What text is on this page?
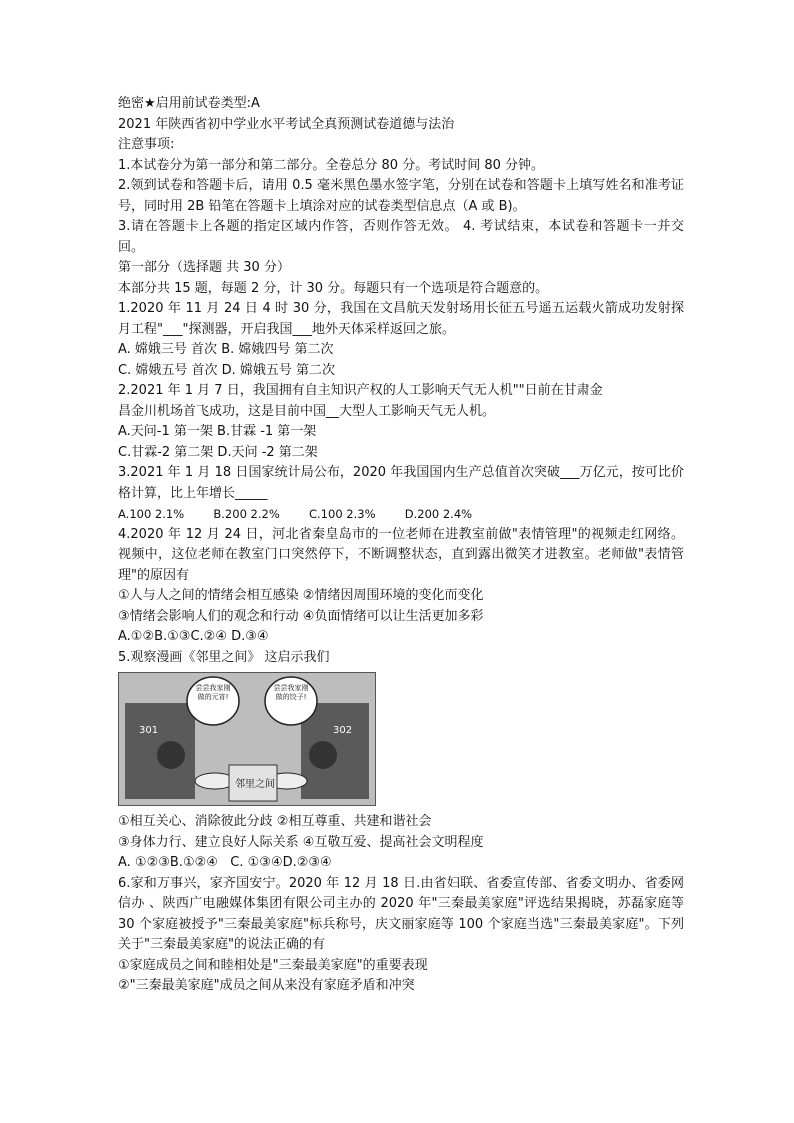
绝密★启用前试卷类型:A
2021 年陕西省初中学业水平考试全真预测试卷道德与法治
注意事项:
1.本试卷分为第一部分和第二部分。全卷总分 80 分。考试时间 80 分钟。
2.领到试卷和答题卡后，请用 0.5 毫米黑色墨水签字笔，分别在试卷和答题卡上填写姓名和准考证号，同时用 2B 铅笔在答题卡上填涂对应的试卷类型信息点（A 或 B)。
3.请在答题卡上各题的指定区域内作答，否则作答无效。 4. 考试结束，本试卷和答题卡一并交回。
第一部分（选择题 共 30 分）
本部分共 15 题，每题 2 分，计 30 分。每题只有一个选项是符合题意的。
1.2020 年 11 月 24 日 4 时 30 分，我国在文昌航天发射场用长征五号遥五运载火箭成功发射探月工程"___"探测器，开启我国___地外天体采样返回之旅。
A. 嫦娥三号 首次 B. 嫦娥四号 第二次
C. 嫦娥五号 首次 D. 嫦娥五号 第二次
2.2021 年 1 月 7 日，我国拥有自主知识产权的人工影响天气无人机""日前在甘肃金
昌金川机场首飞成功，这是目前中国__大型人工影响天气无人机。
A.天问-1 第一架 B.甘霖 -1 第一架
C.甘霖-2 第二架 D.天问 -2 第二架
3.2021 年 1 月 18 日国家统计局公布，2020 年我国国内生产总值首次突破___万亿元，按可比价格计算，比上年增长_____
A.100 2.1%        B.200 2.2%        C.100 2.3%        D.200 2.4%
4.2020 年 12 月 24 日，河北省秦皇岛市的一位老师在进教室前做"表情管理"的视频走红网络。视频中，这位老师在教室门口突然停下，不断调整状态，直到露出微笑才进教室。老师做"表情管理"的原因有
①人与人之间的情绪会相互感染 ②情绪因周围环境的变化而变化
③情绪会影响人们的观念和行动 ④负面情绪可以让生活更加多彩
A.①②B.①③C.②④ D.③④
5.观察漫画《邻里之间》 这启示我们
301	302
邻里之间
尝尝我家刚做的元宵!
尝尝我家刚做的饺子!
①相互关心、消除彼此分歧 ②相互尊重、共建和谐社会
③身体力行、建立良好人际关系 ④互敬互爱、提高社会文明程度
A. ①②③B.①②④   C. ①③④D.②③④
6.家和万事兴，家齐国安宁。2020 年 12 月 18 日.由省妇联、省委宣传部、省委文明办、省委网信办 、陕西广电融媒体集团有限公司主办的 2020 年"三秦最美家庭"评选结果揭晓，苏磊家庭等 30 个家庭被授予"三秦最美家庭"标兵称号，庆文丽家庭等 100 个家庭当选"三秦最美家庭"。下列关于"三秦最美家庭"的说法正确的有
①家庭成员之间和睦相处是"三秦最美家庭"的重要表现
②"三秦最美家庭"成员之间从来没有家庭矛盾和冲突
